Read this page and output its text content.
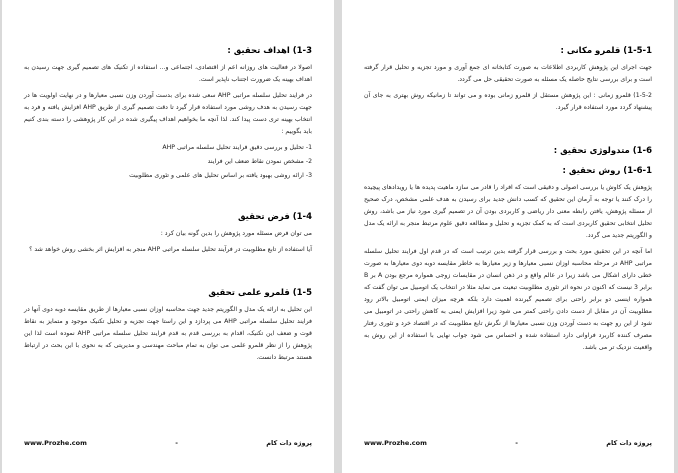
1-3) اهداف تحقیق :

اصولا در فعالیت های روزانه اعم از اقتصادی، اجتماعی و... استفاده از تکنیک های تصمیم گیری جهت رسیدن به اهداف بهینه یک ضرورت اجتناب ناپذیر است.

در فرایند تحلیل سلسله مراتبی AHP سعی شده برای بدست آوردن وزن نسبی معیارها و در نهایت اولویت ها در جهت رسیدن به هدف روشی مورد استفاده قرار گیرد تا دقت تصمیم گیری از طریق AHP افزایش یافته و فرد به انتخاب بهینه تری دست پیدا کند. لذا آنچه ما بخواهیم اهداف پیگیری شده در این کار پژوهشی را دسته بندی کنیم باید بگوییم :

1- تحلیل و بررسی دقیق فرایند تحلیل سلسله مراتبی AHP
2- مشخص نمودن نقاط ضعف این فرایند
3- ارائه روشی بهبود یافته بر اساس تحلیل های علمی و تئوری مطلوبیت
1-4) فرض تحقیق

می توان فرض مسئله مورد پژوهش را بدین گونه بیان کرد :

آیا استفاده از تابع مطلوبیت در فرآیند تحلیل سلسله مراتبی AHP منجر به افزایش اثر بخشی روش خواهد شد ؟

1-5) قلمرو علمی تحقیق

این تحلیل به ارائه یک مدل و الگوریتم جدید جهت محاسبه اوزان نسبی معیارها از طریق مقایسه دوبه دوی آنها در فرایند تحلیل سلسله مراتبی AHP می پردازد و این راستا جهت تجزیه و تحلیل تکنیک موجود و متمایز به نقاط قوت و ضعف این تکنیک، اقدام به بررسی قدم به قدم فرایند تحلیل سلسله مراتبی AHP نموده است لذا این پژوهش را از نظر قلمرو علمی می توان به تمام مباحث مهندسی و مدیریتی که به نحوی با این بحث در ارتباط هستند مرتبط دانست.

www.Prozhe.com	-	پروژه دات کام
1-5-1) قلمرو مکانی :

جهت اجرای این پژوهش کاربردی اطلاعات به صورت کتابخانه ای جمع آوری و مورد تجزیه و تحلیل قرار گرفته است و برای بررسی نتایج حاصله یک مسئله به صورت تحقیقی حل می گردد.

1-5-2) قلمرو زمانی : این پژوهش مستقل از قلمرو زمانی بوده و می تواند تا زمانیکه روش بهتری به جای آن پیشنهاد گردد مورد استفاده قرار گیرد.

1-6) متدولوژی تحقیق :
1-6-1) روش تحقیق :

پژوهش یک کاوش یا بررسی اصولی و دقیقی است که افراد را قادر می سازد ماهیت پدیده ها یا رویدادهای پیچیده را درک کنند یا توجه به آرمان این تحقیق که کسب دانش جدید برای رسیدن به هدف علمی مشخص، درک صحیح از مسئله پژوهش، یافتن رابطه معنی دار ریاضی و کاربردی بودن آن در تصمیم گیری مورد نیاز می باشد، روش تحلیل انتخابی تحقیق کاربردی است که به کمک تجزیه و تحلیل و مطالعه دقیق علوم مرتبط منجر به ارائه یک مدل و الگوریتم جدید می گردد.

اما آنچه در این تحقیق مورد بحث و بررسی قرار گرفته بدین ترتیب است که در قدم اول فرایند تحلیل سلسله مراتبی AHP در مرحله محاسبه اوزان نسبی معیارها و زیر معیارها به خاطر مقایسه دوبه دوی معیارها به صورت خطی دارای اشکال می باشد زیرا در عالم واقع و در ذهن انسان در مقایسات زوجی همواره مرجع بودن A بر B برابر 3 نیست که اکنون در نحوه اثر تئوری مطلوبیت تبعیت می نماید مثلا در انتخاب یک اتومبیل می توان گفت که همواره اینسی دو برابر راحتی برای تصمیم گیرنده اهمیت دارد بلکه هرچه میزان ایمنی اتومبیل بالاتر رود مطلوبیت آن در مقابل از دست دادن راحتی کمتر می شود زیرا افزایش ایمنی به کاهش راحتی در اتومبیل می شود از این رو جهت به دست آوردن وزن نسبی معیارها از نگرش تابع مطلوبیت که در اقتصاد خرد و تئوری رفتار مصرف کننده کاربرد فراوانی دارد استفاده شده و احساس می شود جواب نهایی با استفاده از این روش به واقعیت نزدیک تر می باشد.

www.Prozhe.com	-	پروژه دات کام
